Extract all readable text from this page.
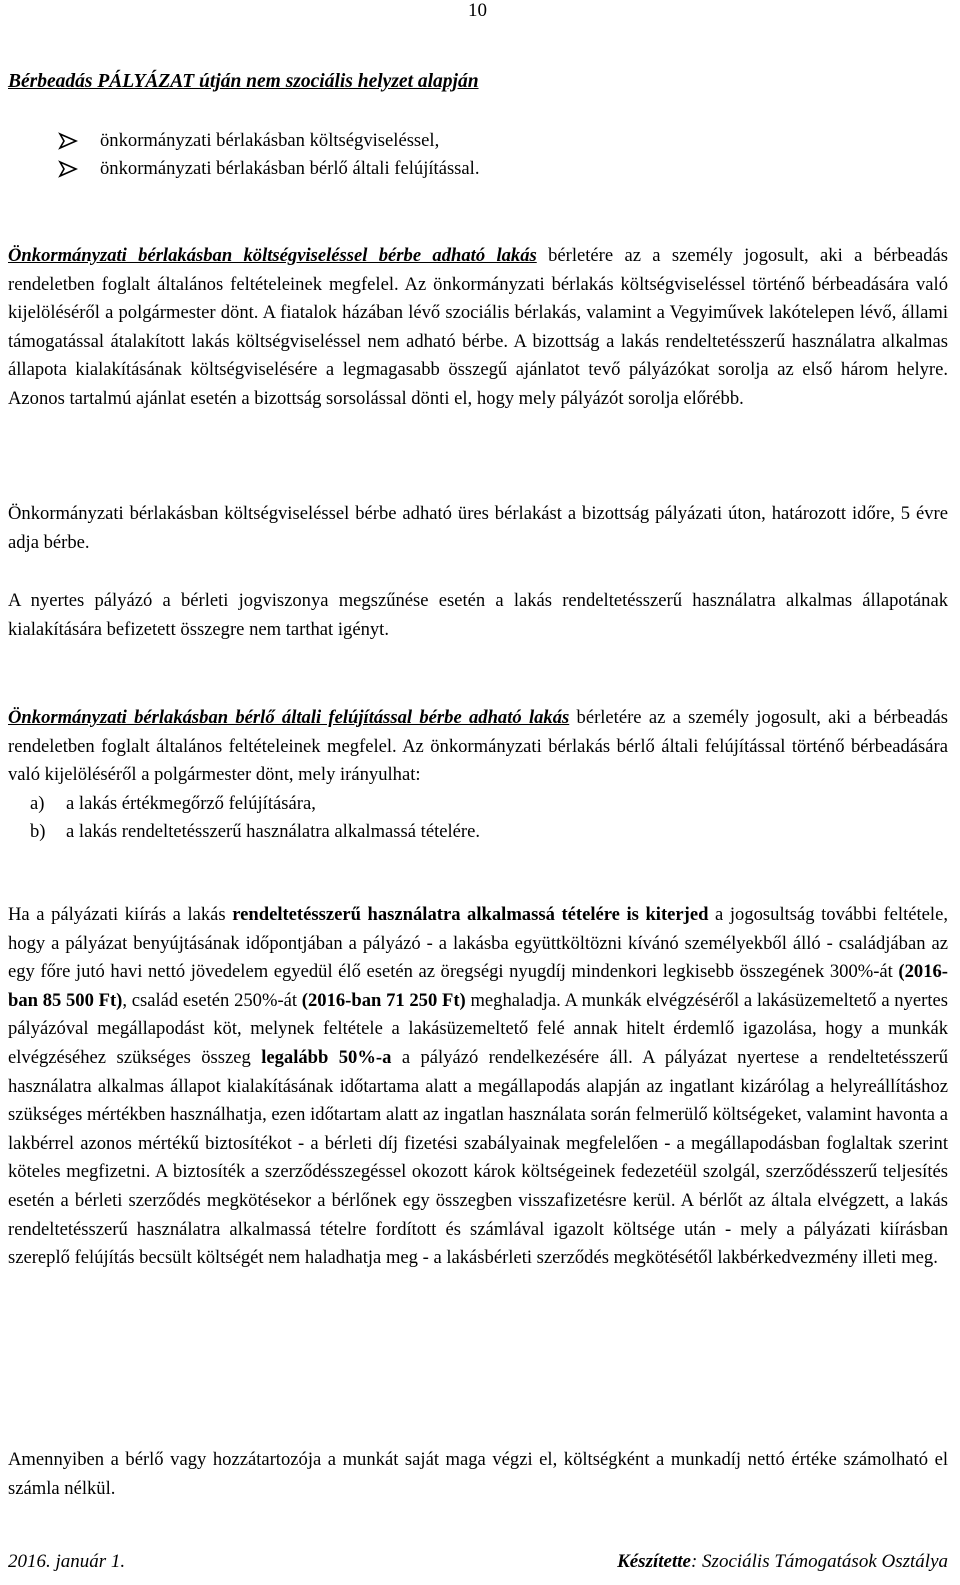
10
Bérbeadás PÁLYÁZAT útján nem szociális helyzet alapján
önkormányzati bérlakásban költségviseléssel,
önkormányzati bérlakásban bérlő általi felújítással.
Önkormányzati bérlakásban költségviseléssel bérbe adható lakás bérletére az a személy jogosult, aki a bérbeadás rendeletben foglalt általános feltételeinek megfelel. Az önkormányzati bérlakás költségviseléssel történő bérbeadására való kijelöléséről a polgármester dönt. A fiatalok házában lévő szociális bérlakás, valamint a Vegyiművek lakótelepen lévő, állami támogatással átalakított lakás költségviseléssel nem adható bérbe. A bizottság a lakás rendeltetésszerű használatra alkalmas állapota kialakításának költségviselésére a legmagasabb összegű ajánlatot tevő pályázókat sorolja az első három helyre. Azonos tartalmú ajánlat esetén a bizottság sorsolással dönti el, hogy mely pályázót sorolja előrébb.
Önkormányzati bérlakásban költségviseléssel bérbe adható üres bérlakást a bizottság pályázati úton, határozott időre, 5 évre adja bérbe.
A nyertes pályázó a bérleti jogviszonya megszűnése esetén a lakás rendeltetésszerű használatra alkalmas állapotának kialakítására befizetett összegre nem tarthat igényt.
Önkormányzati bérlakásban bérlő általi felújítással bérbe adható lakás bérletére az a személy jogosult, aki a bérbeadás rendeletben foglalt általános feltételeinek megfelel. Az önkormányzati bérlakás bérlő általi felújítással történő bérbeadására való kijelöléséről a polgármester dönt, mely irányulhat:
a)	a lakás értékmegőrző felújítására,
b)	a lakás rendeltetésszerű használatra alkalmassá tételére.
Ha a pályázati kiírás a lakás rendeltetésszerű használatra alkalmassá tételére is kiterjed a jogosultság további feltétele, hogy a pályázat benyújtásának időpontjában a pályázó - a lakásba együttköltözni kívánó személyekből álló - családjában az egy főre jutó havi nettó jövedelem egyedül élő esetén az öregségi nyugdíj mindenkori legkisebb összegének 300%-át (2016-ban 85 500 Ft), család esetén 250%-át (2016-ban 71 250 Ft) meghaladja. A munkák elvégzéséről a lakásüzemeltető a nyertes pályázóval megállapodást köt, melynek feltétele a lakásüzemeltető felé annak hitelt érdemlő igazolása, hogy a munkák elvégzéséhez szükséges összeg legalább 50%-a a pályázó rendelkezésére áll. A pályázat nyertese a rendeltetésszerű használatra alkalmas állapot kialakításának időtartama alatt a megállapodás alapján az ingatlant kizárólag a helyreállításhoz szükséges mértékben használhatja, ezen időtartam alatt az ingatlan használata során felmerülő költségeket, valamint havonta a lakbérrel azonos mértékű biztosítékot - a bérleti díj fizetési szabályainak megfelelően - a megállapodásban foglaltak szerint köteles megfizetni. A biztosíték a szerződésszegéssel okozott károk költségeinek fedezetéül szolgál, szerződésszerű teljesítés esetén a bérleti szerződés megkötésekor a bérlőnek egy összegben visszafizetésre kerül. A bérlőt az általa elvégzett, a lakás rendeltetésszerű használatra alkalmassá tételre fordított és számlával igazolt költsége után - mely a pályázati kiírásban szereplő felújítás becsült költségét nem haladhatja meg - a lakásbérleti szerződés megkötésétől lakbérkedvezmény illeti meg.
Amennyiben a bérlő vagy hozzátartozója a munkát saját maga végzi el, költségként a munkadíj nettó értéke számolható el számla nélkül.
2016. január 1.	Készítette: Szociális Támogatások Osztálya
